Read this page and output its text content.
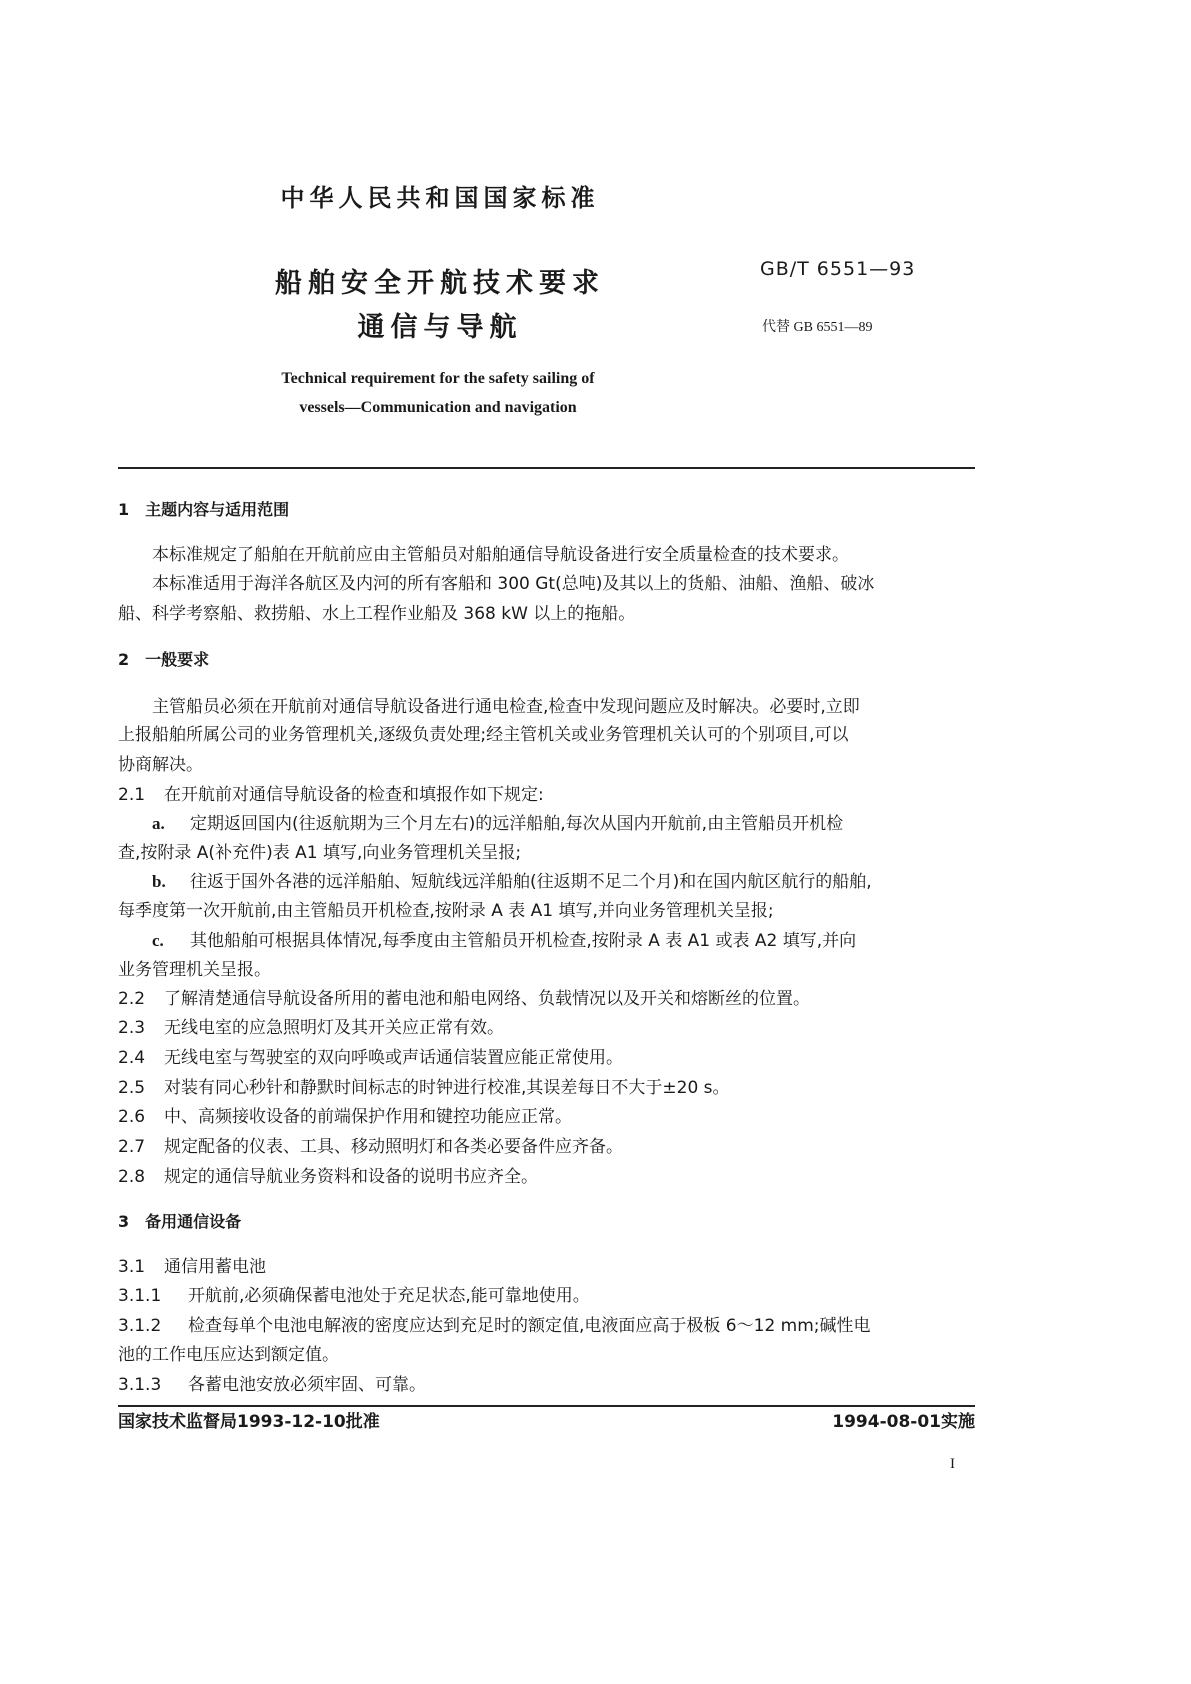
中华人民共和国国家标准
船舶安全开航技术要求
通信与导航
GB/T 6551—93
代替 GB 6551—89
Technical requirement for the safety sailing of
vessels—Communication and navigation
1　主题内容与适用范围
本标准规定了船舶在开航前应由主管船员对船舶通信导航设备进行安全质量检查的技术要求。
本标准适用于海洋各航区及内河的所有客船和 300 Gt(总吨)及其以上的货船、油船、渔船、破冰
船、科学考察船、救捞船、水上工程作业船及 368 kW 以上的拖船。
2　一般要求
主管船员必须在开航前对通信导航设备进行通电检查,检查中发现问题应及时解决。必要时,立即
上报船舶所属公司的业务管理机关,逐级负责处理;经主管机关或业务管理机关认可的个别项目,可以
协商解决。
2.1 在开航前对通信导航设备的检查和填报作如下规定:
a. 定期返回国内(往返航期为三个月左右)的远洋船舶,每次从国内开航前,由主管船员开机检
查,按附录 A(补充件)表 A1 填写,向业务管理机关呈报;
b. 往返于国外各港的远洋船舶、短航线远洋船舶(往返期不足二个月)和在国内航区航行的船舶,
每季度第一次开航前,由主管船员开机检查,按附录 A 表 A1 填写,并向业务管理机关呈报;
c. 其他船舶可根据具体情况,每季度由主管船员开机检查,按附录 A 表 A1 或表 A2 填写,并向
业务管理机关呈报。
2.2 了解清楚通信导航设备所用的蓄电池和船电网络、负载情况以及开关和熔断丝的位置。
2.3 无线电室的应急照明灯及其开关应正常有效。
2.4 无线电室与驾驶室的双向呼唤或声话通信装置应能正常使用。
2.5 对装有同心秒针和静默时间标志的时钟进行校准,其误差每日不大于±20 s。
2.6 中、高频接收设备的前端保护作用和键控功能应正常。
2.7 规定配备的仪表、工具、移动照明灯和各类必要备件应齐备。
2.8 规定的通信导航业务资料和设备的说明书应齐全。
3　备用通信设备
3.1 通信用蓄电池
3.1.1 开航前,必须确保蓄电池处于充足状态,能可靠地使用。
3.1.2 检查每单个电池电解液的密度应达到充足时的额定值,电液面应高于极板 6～12 mm;碱性电
池的工作电压应达到额定值。
3.1.3 各蓄电池安放必须牢固、可靠。
国家技术监督局1993-12-10批准	1994-08-01实施
I
